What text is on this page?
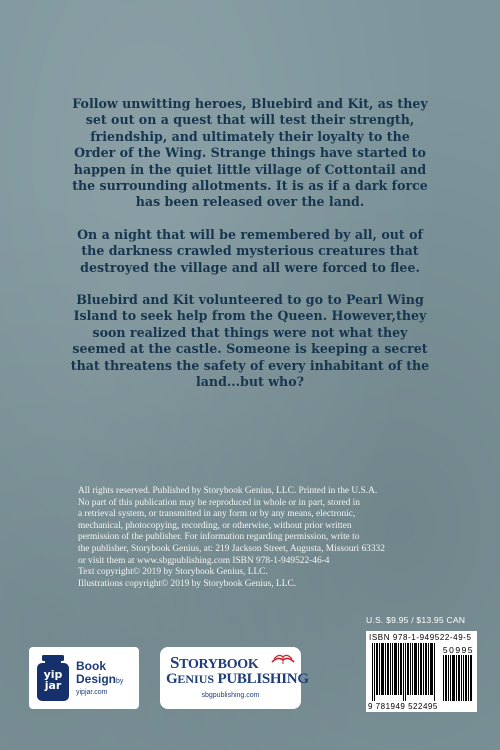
Follow unwitting heroes, Bluebird and Kit, as they set out on a quest that will test their strength, friendship, and ultimately their loyalty to the Order of the Wing. Strange things have started to happen in the quiet little village of Cottontail and the surrounding allotments. It is as if a dark force has been released over the land.

On a night that will be remembered by all, out of the darkness crawled mysterious creatures that destroyed the village and all were forced to flee.

Bluebird and Kit volunteered to go to Pearl Wing Island to seek help from the Queen. However,they soon realized that things were not what they seemed at the castle. Someone is keeping a secret that threatens the safety of every inhabitant of the land...but who?

All rights reserved. Published by Storybook Genius, LLC. Printed in the U.S.A.
No part of this publication may be reproduced in whole or in part, stored in
a retrieval system, or transmitted in any form or by any means, electronic,
mechanical, photocopying, recording, or otherwise, without prior written
permission of the publisher. For information regarding permission, write to
the publisher, Storybook Genius, at: 219 Jackson Street, Augusta, Missouri 63332
or visit them at www.sbgpublishing.com ISBN 978-1-949522-46-4
Text copyright© 2019 by Storybook Genius, LLC.
Illustrations copyright© 2019 by Storybook Genius, LLC.
U.S. $9.95 / $13.95 CAN
ISBN 978-1-949522-49-5
50995
9 781949 522495
yip
jar
Book
Designby
yipjar.com
STORYBOOK
GENIUS PUBLISHING
sbgpublishing.com
